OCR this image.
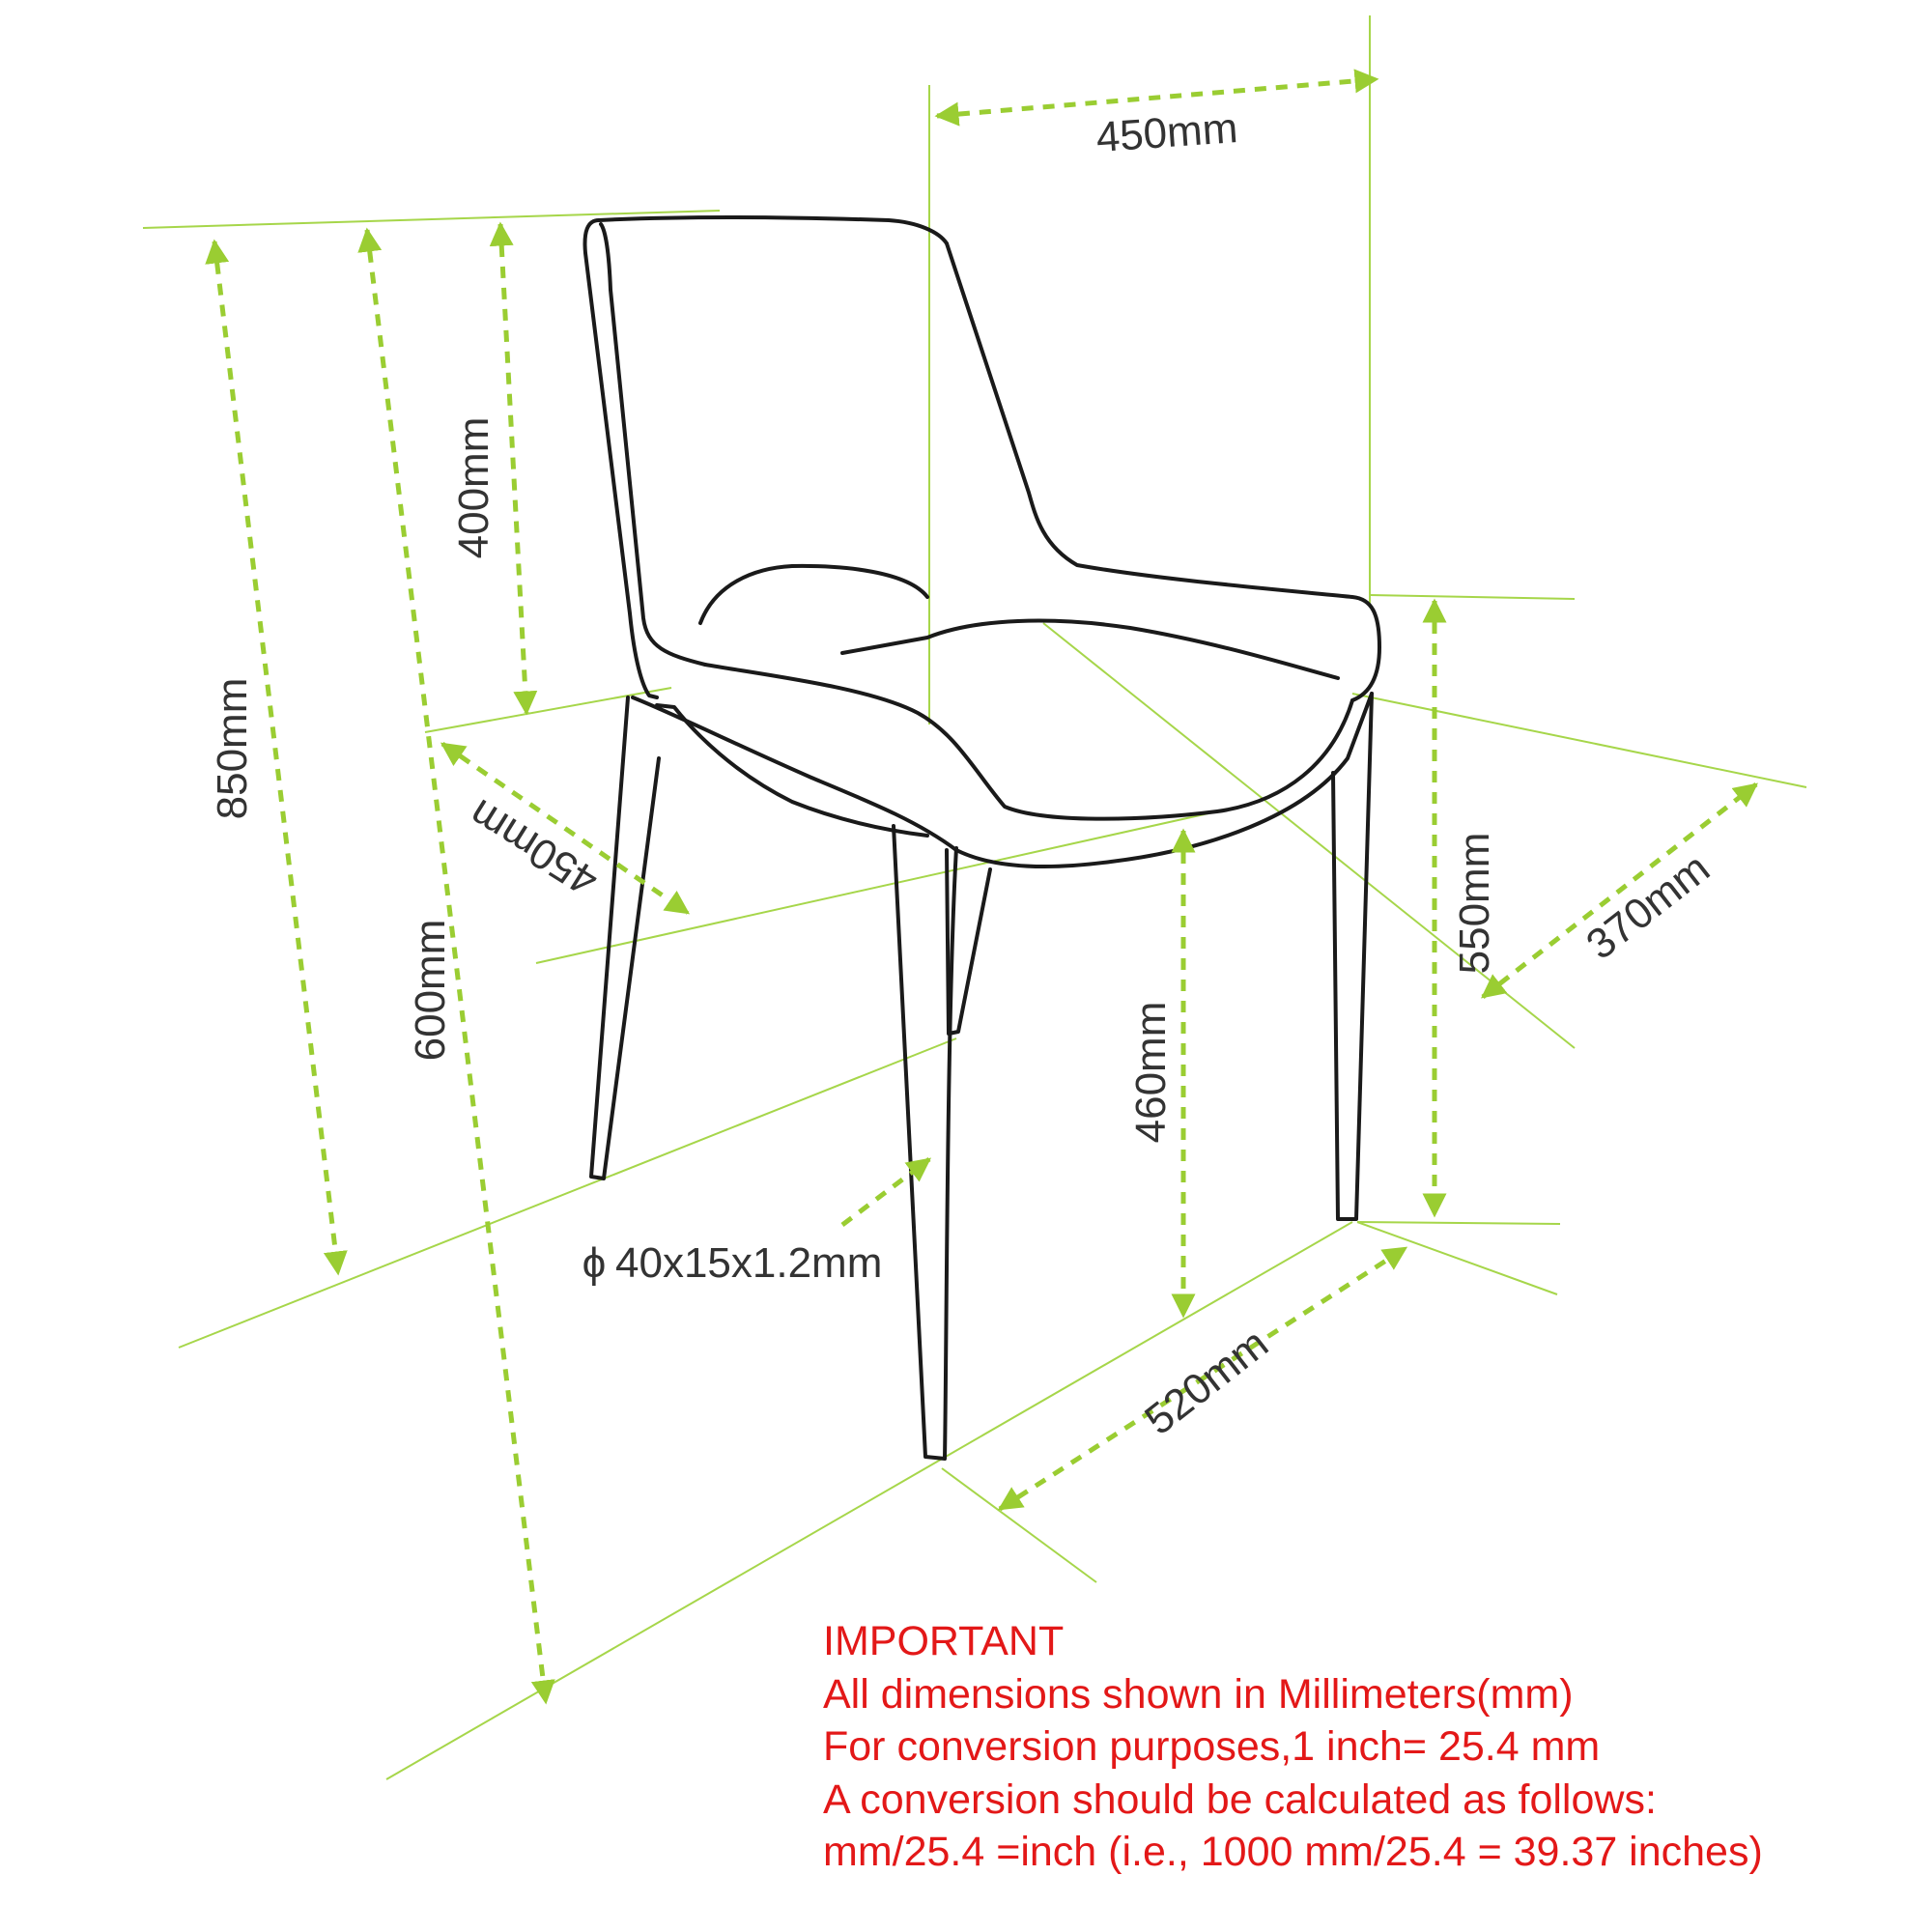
450mm
850mm
600mm
400mm
450mm	550mm 370mm
460mm
ϕ 40x15x1.2mm
520mm
IMPORTANT
All dimensions shown in Millimeters(mm)
For conversion purposes,1 inch= 25.4 mm
A conversion should be calculated as follows:
mm/25.4 =inch (i.e., 1000 mm/25.4 = 39.37 inches)
